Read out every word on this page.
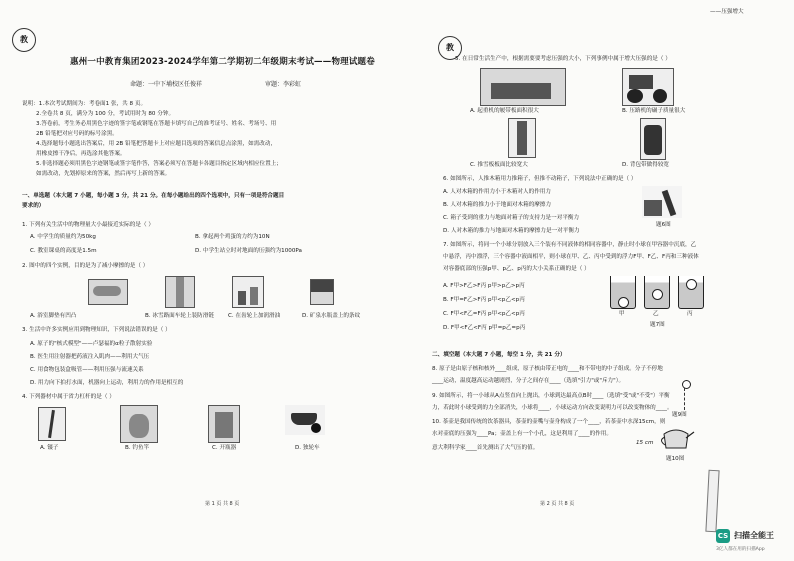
教
惠州一中教育集团2023-2024学年第二学期初二年级期末考试——物理试题卷
命题：一中下埔校区任俊祥	审题：李彩虹
说明：1.本次考试期间为：考卷面1 张，共 8 页。
2.全卷共 8 页，满分为 100 分，考试用时为 80 分钟。
3.答卷前，考生务必用黑色字迹的签字笔或钢笔在答题卡填写自己的准考证号、姓名、考场号、用
2B 铅笔把对应号码的标号涂黑。
4.选择题每小题选出答案后，用 2B 铅笔把答题卡上对应题目选项的答案信息点涂黑，如需改动，
用橡皮擦干净后，再选涂其他答案。
5.非选择题必须用黑色字迹钢笔或签字笔作答，答案必须写在答题卡各题目指定区域内相应位置上；
如需改动，先划掉原来的答案，然后再写上新的答案。
一、单选题（本大题 7 小题，每小题 3 分，共 21 分。在每小题给出的四个选项中，只有一项是符合题目
要求的）
1. 下列有关生活中的物理量大小最接近实际的是（ ）
A. 中学生的质量约为50kg	B. 拿起两个鸡蛋的力约为10N
C. 教室课桌的高度是1.5m	D. 中学生站立时对地面的压强约为1000Pa
2. 图中的四个实例，目的是为了减小摩擦的是（ ）
A. 浴室脚垫有凹凸	B. 冰雪路面车轮上装防滑链	C. 在齿轮上加润滑油	D. 矿泉水瓶盖上的条纹
3. 生活中许多实例应用到物理知识，下列说法错误的是（ ）
A. 原子的"核式模型"——卢瑟福的α粒子散射实验
B. 医生用注射器把药液注入肌肉——利用大气压
C. 用食物包装盒吸管——利用压强与流速关系
D. 用力向下拍打水面，机器向上运动，利用力的作用是相互的
4. 下列器材中属于省力杠杆的是（ ）
A. 镊子	B. 钓鱼竿	C. 开瓶器	D. 独轮车
第 1 页 共 8 页
——压强增大
教
5. 在日常生活生产中，根据需要要考虑压强的大小，下列事例中属于增大压强的是（ ）
A. 起重机的履带板面积很大	B. 压路机的碾子质量很大
C. 推雪板板面比较宽大	D. 背包带做得较宽
6. 如图所示，人推木箱用力推箱子，但推不动箱子，下列说法中正确的是（ ）
A. 人对木箱的作用力小于木箱对人的作用力
B. 人对木箱的推力小于地面对木箱的摩擦力
C. 箱子受到的重力与地面对箱子的支持力是一对平衡力
D. 人对木箱的推力与地面对木箱的摩擦力是一对平衡力
题6图
7. 如图所示，将同一个小球分别放入三个装有不同液体的相同容器中，静止时小球在甲容器中沉底，乙
中悬浮，丙中漂浮，三个容器中液面相平，则小球在甲、乙、丙中受到的浮力F甲、F乙、F丙和三种液体
对容器底部的压强p甲、p乙、p丙的大小关系正确的是（ ）
A. F甲>F乙>F丙 p甲>p乙>p丙
B. F甲=F乙>F丙 p甲<p乙<p丙
C. F甲<F乙=F丙 p甲<p乙<p丙
D. F甲<F乙<F丙 p甲=p乙=p丙
甲	乙	丙
题7图
二、填空题（本大题 7 小题，每空 1 分，共 21 分）
8. 原子是由原子核和核外____组成，原子核由带正电的____和不带电的中子组成。分子不停地
____运动，温度越高运动越剧烈，分子之间存在____（选填"引力"或"斥力"）。
9. 如图所示，将一小球从A点竖直向上抛出，小球到达最高点B时____（选填"受"或"不受"）平衡
力，若此时小球受到的力全部消失，小球将____，小球运动方向改变说明力可以改变物体的____。
题9图
10. 茶壶是我国传统的饮茶器具，茶壶的壶嘴与壶身构成了一个____，若茶壶中水深15cm，则
水对壶底的压强为____Pa；壶盖上有一个小孔，这是利用了____的作用。
意大利科学家____首先测出了大气压的值。
15 cm
题10图
第 2 页 共 8 页
CS 扫描全能王
3亿人都在用的扫描App
